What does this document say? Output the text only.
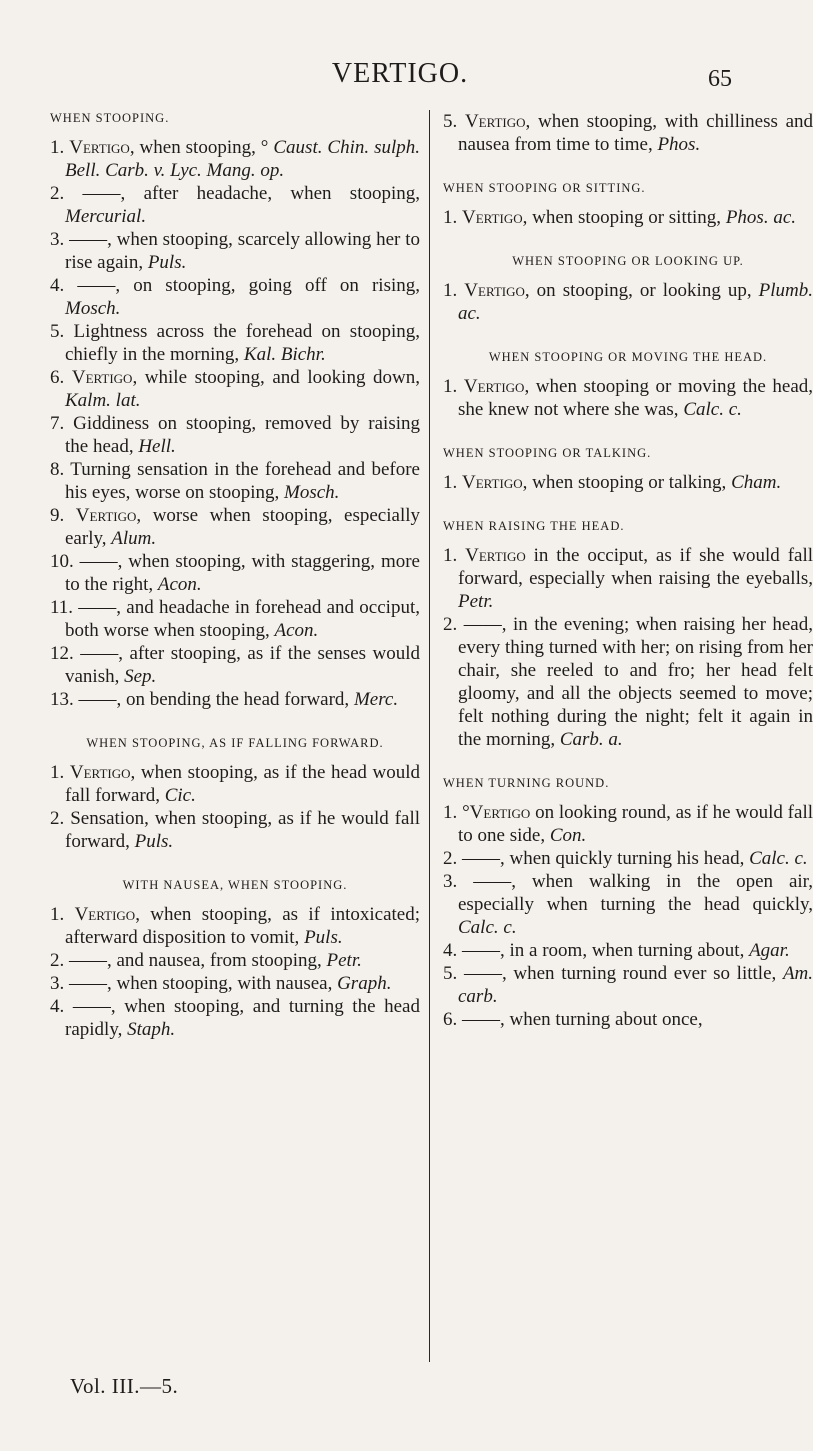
VERTIGO.	65
WHEN STOOPING.
1. Vertigo, when stooping, ° Caust. Chin. sulph. Bell. Carb. v. Lyc. Mang. op.
2. ——, after headache, when stooping, Mercurial.
3. ——, when stooping, scarcely allowing her to rise again, Puls.
4. ——, on stooping, going off on rising, Mosch.
5. Lightness across the forehead on stooping, chiefly in the morning, Kal. Bichr.
6. Vertigo, while stooping, and looking down, Kalm. lat.
7. Giddiness on stooping, removed by raising the head, Hell.
8. Turning sensation in the forehead and before his eyes, worse on stooping, Mosch.
9. Vertigo, worse when stooping, especially early, Alum.
10. ——, when stooping, with staggering, more to the right, Acon.
11. ——, and headache in forehead and occiput, both worse when stooping, Acon.
12. ——, after stooping, as if the senses would vanish, Sep.
13. ——, on bending the head forward, Merc.
WHEN STOOPING, AS IF FALLING FORWARD.
1. Vertigo, when stooping, as if the head would fall forward, Cic.
2. Sensation, when stooping, as if he would fall forward, Puls.
WITH NAUSEA, WHEN STOOPING.
1. Vertigo, when stooping, as if intoxicated; afterward disposition to vomit, Puls.
2. ——, and nausea, from stooping, Petr.
3. ——, when stooping, with nausea, Graph.
4. ——, when stooping, and turning the head rapidly, Staph.
5. Vertigo, when stooping, with chilliness and nausea from time to time, Phos.
WHEN STOOPING OR SITTING.
1. Vertigo, when stooping or sitting, Phos. ac.
WHEN STOOPING OR LOOKING UP.
1. Vertigo, on stooping, or looking up, Plumb. ac.
WHEN STOOPING OR MOVING THE HEAD.
1. Vertigo, when stooping or moving the head, she knew not where she was, Calc. c.
WHEN STOOPING OR TALKING.
1. Vertigo, when stooping or talking, Cham.
WHEN RAISING THE HEAD.
1. Vertigo in the occiput, as if she would fall forward, especially when raising the eyeballs, Petr.
2. ——, in the evening; when raising her head, every thing turned with her; on rising from her chair, she reeled to and fro; her head felt gloomy, and all the objects seemed to move; felt nothing during the night; felt it again in the morning, Carb. a.
WHEN TURNING ROUND.
1. °Vertigo on looking round, as if he would fall to one side, Con.
2. ——, when quickly turning his head, Calc. c.
3. ——, when walking in the open air, especially when turning the head quickly, Calc. c.
4. ——, in a room, when turning about, Agar.
5. ——, when turning round ever so little, Am. carb.
6. ——, when turning about once,
Vol. III.—5.
